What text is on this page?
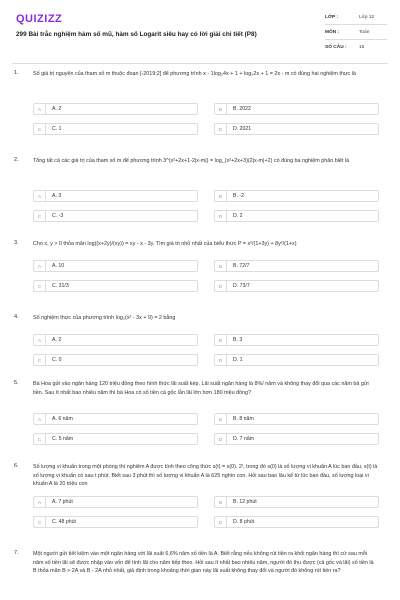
QUIZIZZ
299 Bài trắc nghiệm hàm số mũ, hàm số Logarit siêu hay có lời giải chi tiết (P8)
LỚP :	Lớp 12
MÔN :	Toán
SỐ CÂU :	15
1.	Số giá trị nguyên của tham số m thuộc đoạn [-2019;2] để phương trình x - 1log₃4x + 1 + log₅2x + 1 = 2x - m có đúng hai nghiệm thực là
A	A. 2	B	B. 2022
C	C. 1	D	D. 2021
2.	Tổng tất cả các giá trị của tham số m để phương trình 3^(x²+2x+1-2|x-m|) = log_(x²+2x+3)(2|x-m|+2) có đúng ba nghiệm phân biệt là
A	A. 3	B	B. -2
C	C. -3	D	D. 2
3.	Cho x, y > 0 thỏa mãn log((x+2y)/(xy)) = xy - x - 3y. Tìm giá trị nhỏ nhất của biểu thức P = x²/(1+3y) + 8y²/(1+x)
A	A. 10	B	B. 72/7
C	C. 31/3	D	D. 73/7
4.	Số nghiệm thực của phương trình log₃(x² - 3x + 9) = 2 bằng
A	A. 2	B	B. 3
C	C. 0	D	D. 1
5.	Bà Hoa gửi vào ngân hàng 120 triệu đồng theo hình thức lãi suất kép. Lãi suất ngân hàng là 8%/ năm và không thay đổi qua các năm bà gửi tiền. Sau ít nhất bao nhiêu năm thì bà Hoa có số tiền cả gốc lẫn lãi lớn hơn 180 triệu đồng?
A	A. 6 năm	B	B. 8 năm
C	C. 5 năm	D	D. 7 năm
6.	Số lượng vi khuẩn trong một phòng thí nghiệm A được tính theo công thức s(t) = s(0). 2ᵗ, trong đó s(0) là số lượng vi khuẩn A lúc ban đầu, s(t) là số lượng vi khuẩn có sau t phút. Biết sau 3 phút thì số lượng vi khuẩn A là 625 nghìn con. Hỏi sau bao lâu kể từ lúc ban đầu, số lượng loại vi khuẩn A là 20 triệu con
A	A. 7 phút	B	B. 12 phút
C	C. 48 phút	D	D. 8 phút
7.	Một người gửi tiết kiệm vào một ngân hàng với lãi suất 6,6% năm số tiền là A. Biết rằng nếu không rút tiền ra khỏi ngân hàng thì cứ sau mỗi năm số tiền lãi sẽ được nhập vào vốn để tính lãi cho năm tiếp theo. Hỏi sau ít nhất bao nhiêu năm, người đó thu được (cả gốc và lãi) số tiền là B thỏa mãn B > 2A và B - 2A nhỏ nhất, giả định trong khoảng thời gian này lãi suất không thay đổi và người đó không rút tiền ra?
